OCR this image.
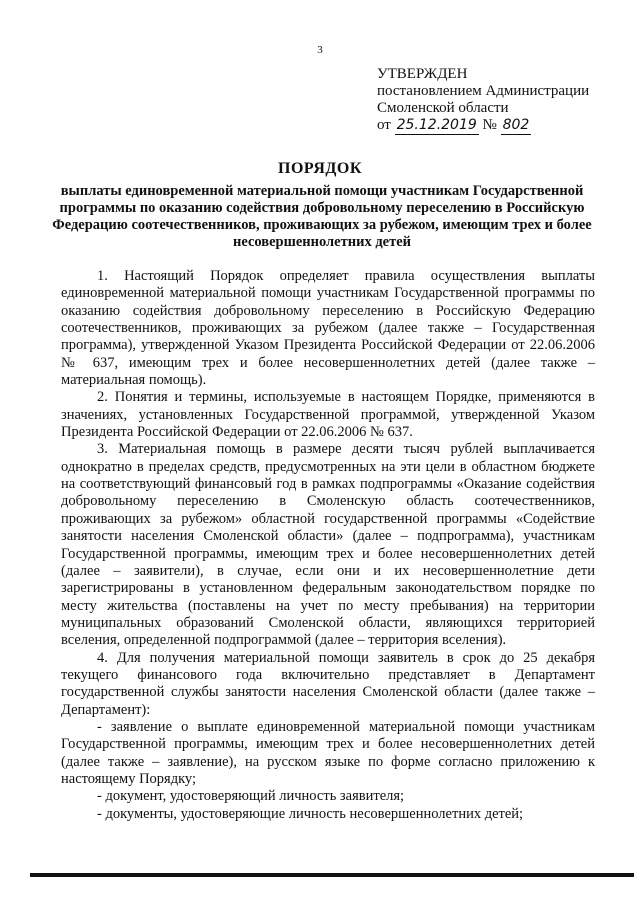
3
УТВЕРЖДЕН
постановлением Администрации
Смоленской области
от 25.12.2019 № 802
ПОРЯДОК
выплаты единовременной материальной помощи участникам Государственной программы по оказанию содействия добровольному переселению в Российскую Федерацию соотечественников, проживающих за рубежом, имеющим трех и более несовершеннолетних детей

1. Настоящий Порядок определяет правила осуществления выплаты единовременной материальной помощи участникам Государственной программы по оказанию содействия добровольному переселению в Российскую Федерацию соотечественников, проживающих за рубежом (далее также – Государственная программа), утвержденной Указом Президента Российской Федерации от 22.06.2006 № 637, имеющим трех и более несовершеннолетних детей (далее также – материальная помощь).

2. Понятия и термины, используемые в настоящем Порядке, применяются в значениях, установленных Государственной программой, утвержденной Указом Президента Российской Федерации от 22.06.2006 № 637.

3. Материальная помощь в размере десяти тысяч рублей выплачивается однократно в пределах средств, предусмотренных на эти цели в областном бюджете на соответствующий финансовый год в рамках подпрограммы «Оказание содействия добровольному переселению в Смоленскую область соотечественников, проживающих за рубежом» областной государственной программы «Содействие занятости населения Смоленской области» (далее – подпрограмма), участникам Государственной программы, имеющим трех и более несовершеннолетних детей (далее – заявители), в случае, если они и их несовершеннолетние дети зарегистрированы в установленном федеральным законодательством порядке по месту жительства (поставлены на учет по месту пребывания) на территории муниципальных образований Смоленской области, являющихся территорией вселения, определенной подпрограммой (далее – территория вселения).

4. Для получения материальной помощи заявитель в срок до 25 декабря текущего финансового года включительно представляет в Департамент государственной службы занятости населения Смоленской области (далее также – Департамент):

- заявление о выплате единовременной материальной помощи участникам Государственной программы, имеющим трех и более несовершеннолетних детей (далее также – заявление), на русском языке по форме согласно приложению к настоящему Порядку;

- документ, удостоверяющий личность заявителя;

- документы, удостоверяющие личность несовершеннолетних детей;
